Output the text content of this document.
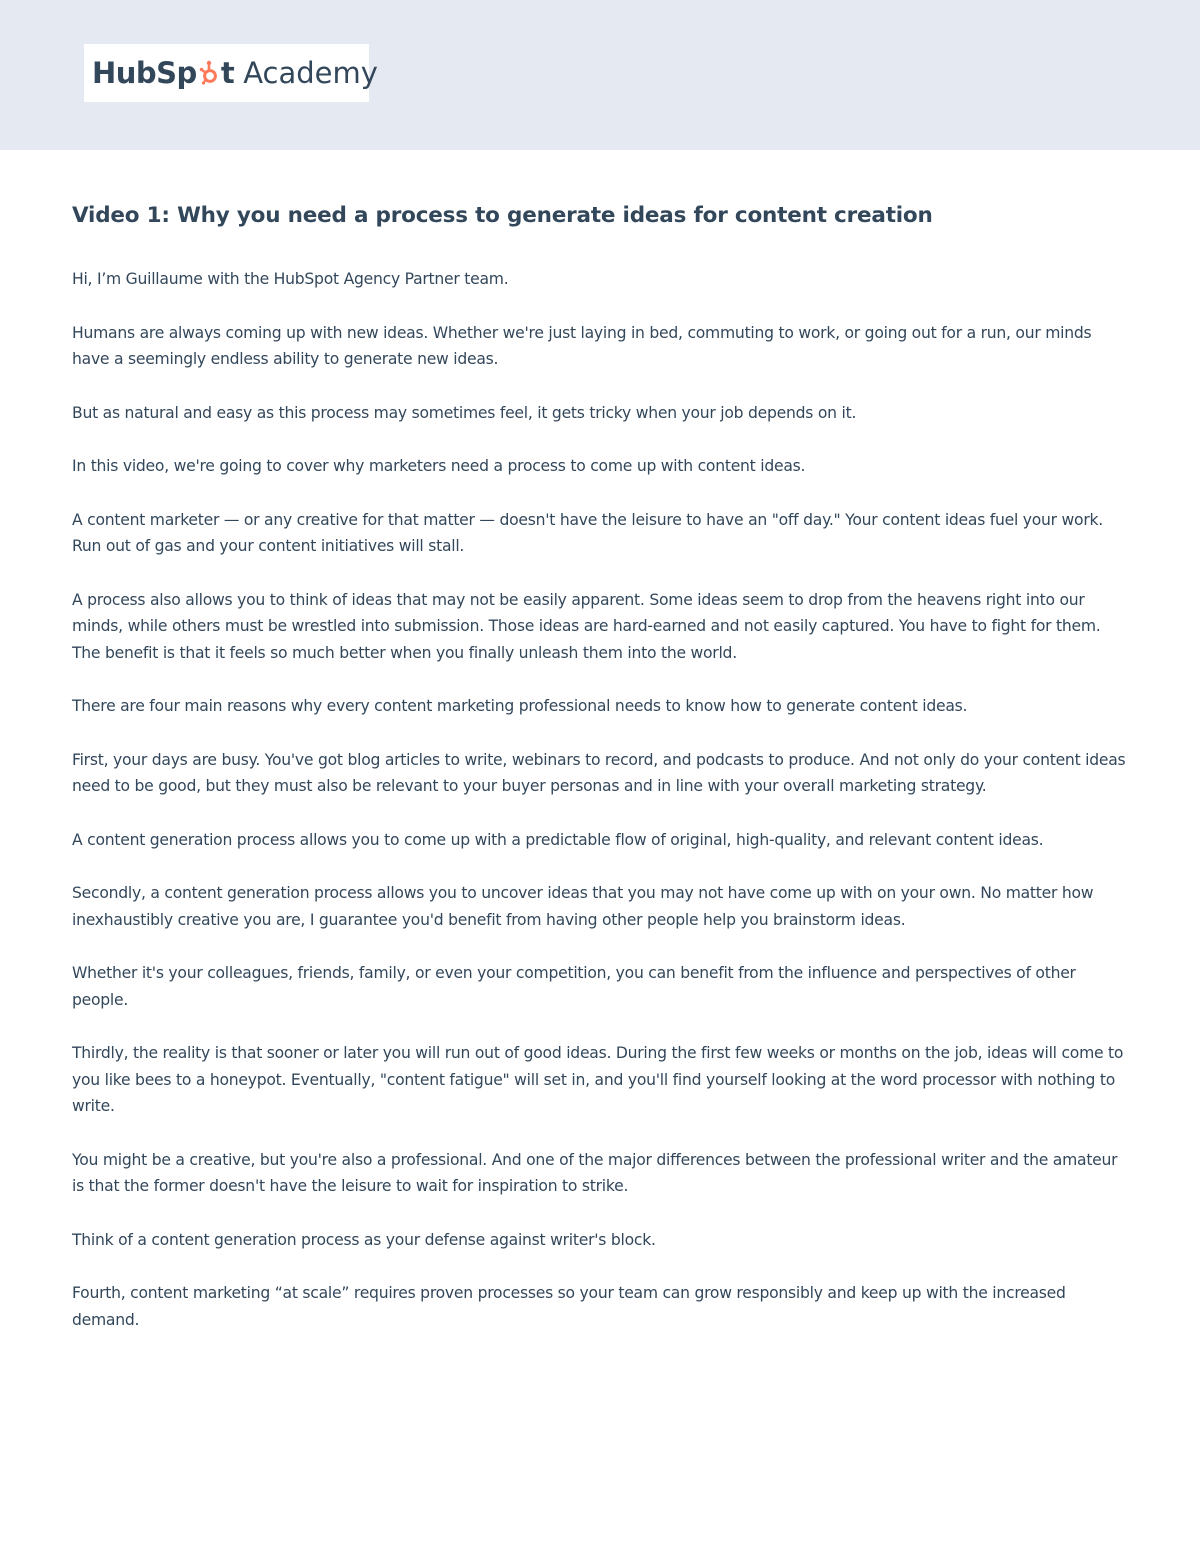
HubSp t Academy
Video 1: Why you need a process to generate ideas for content creation

Hi, I’m Guillaume with the HubSpot Agency Partner team.

Humans are always coming up with new ideas. Whether we're just laying in bed, commuting to work, or going out for a run, our minds have a seemingly endless ability to generate new ideas.

But as natural and easy as this process may sometimes feel, it gets tricky when your job depends on it.

In this video, we're going to cover why marketers need a process to come up with content ideas.

A content marketer — or any creative for that matter — doesn't have the leisure to have an "off day." Your content ideas fuel your work. Run out of gas and your content initiatives will stall.

A process also allows you to think of ideas that may not be easily apparent. Some ideas seem to drop from the heavens right into our minds, while others must be wrestled into submission. Those ideas are hard-earned and not easily captured. You have to fight for them. The benefit is that it feels so much better when you finally unleash them into the world.

There are four main reasons why every content marketing professional needs to know how to generate content ideas.

First, your days are busy. You've got blog articles to write, webinars to record, and podcasts to produce. And not only do your content ideas need to be good, but they must also be relevant to your buyer personas and in line with your overall marketing strategy.

A content generation process allows you to come up with a predictable flow of original, high-quality, and relevant content ideas.

Secondly, a content generation process allows you to uncover ideas that you may not have come up with on your own. No matter how inexhaustibly creative you are, I guarantee you'd benefit from having other people help you brainstorm ideas.

Whether it's your colleagues, friends, family, or even your competition, you can benefit from the influence and perspectives of other people.

Thirdly, the reality is that sooner or later you will run out of good ideas. During the first few weeks or months on the job, ideas will come to you like bees to a honeypot. Eventually, "content fatigue" will set in, and you'll find yourself looking at the word processor with nothing to write.

You might be a creative, but you're also a professional. And one of the major differences between the professional writer and the amateur is that the former doesn't have the leisure to wait for inspiration to strike.

Think of a content generation process as your defense against writer's block.

Fourth, content marketing “at scale” requires proven processes so your team can grow responsibly and keep up with the increased demand.
